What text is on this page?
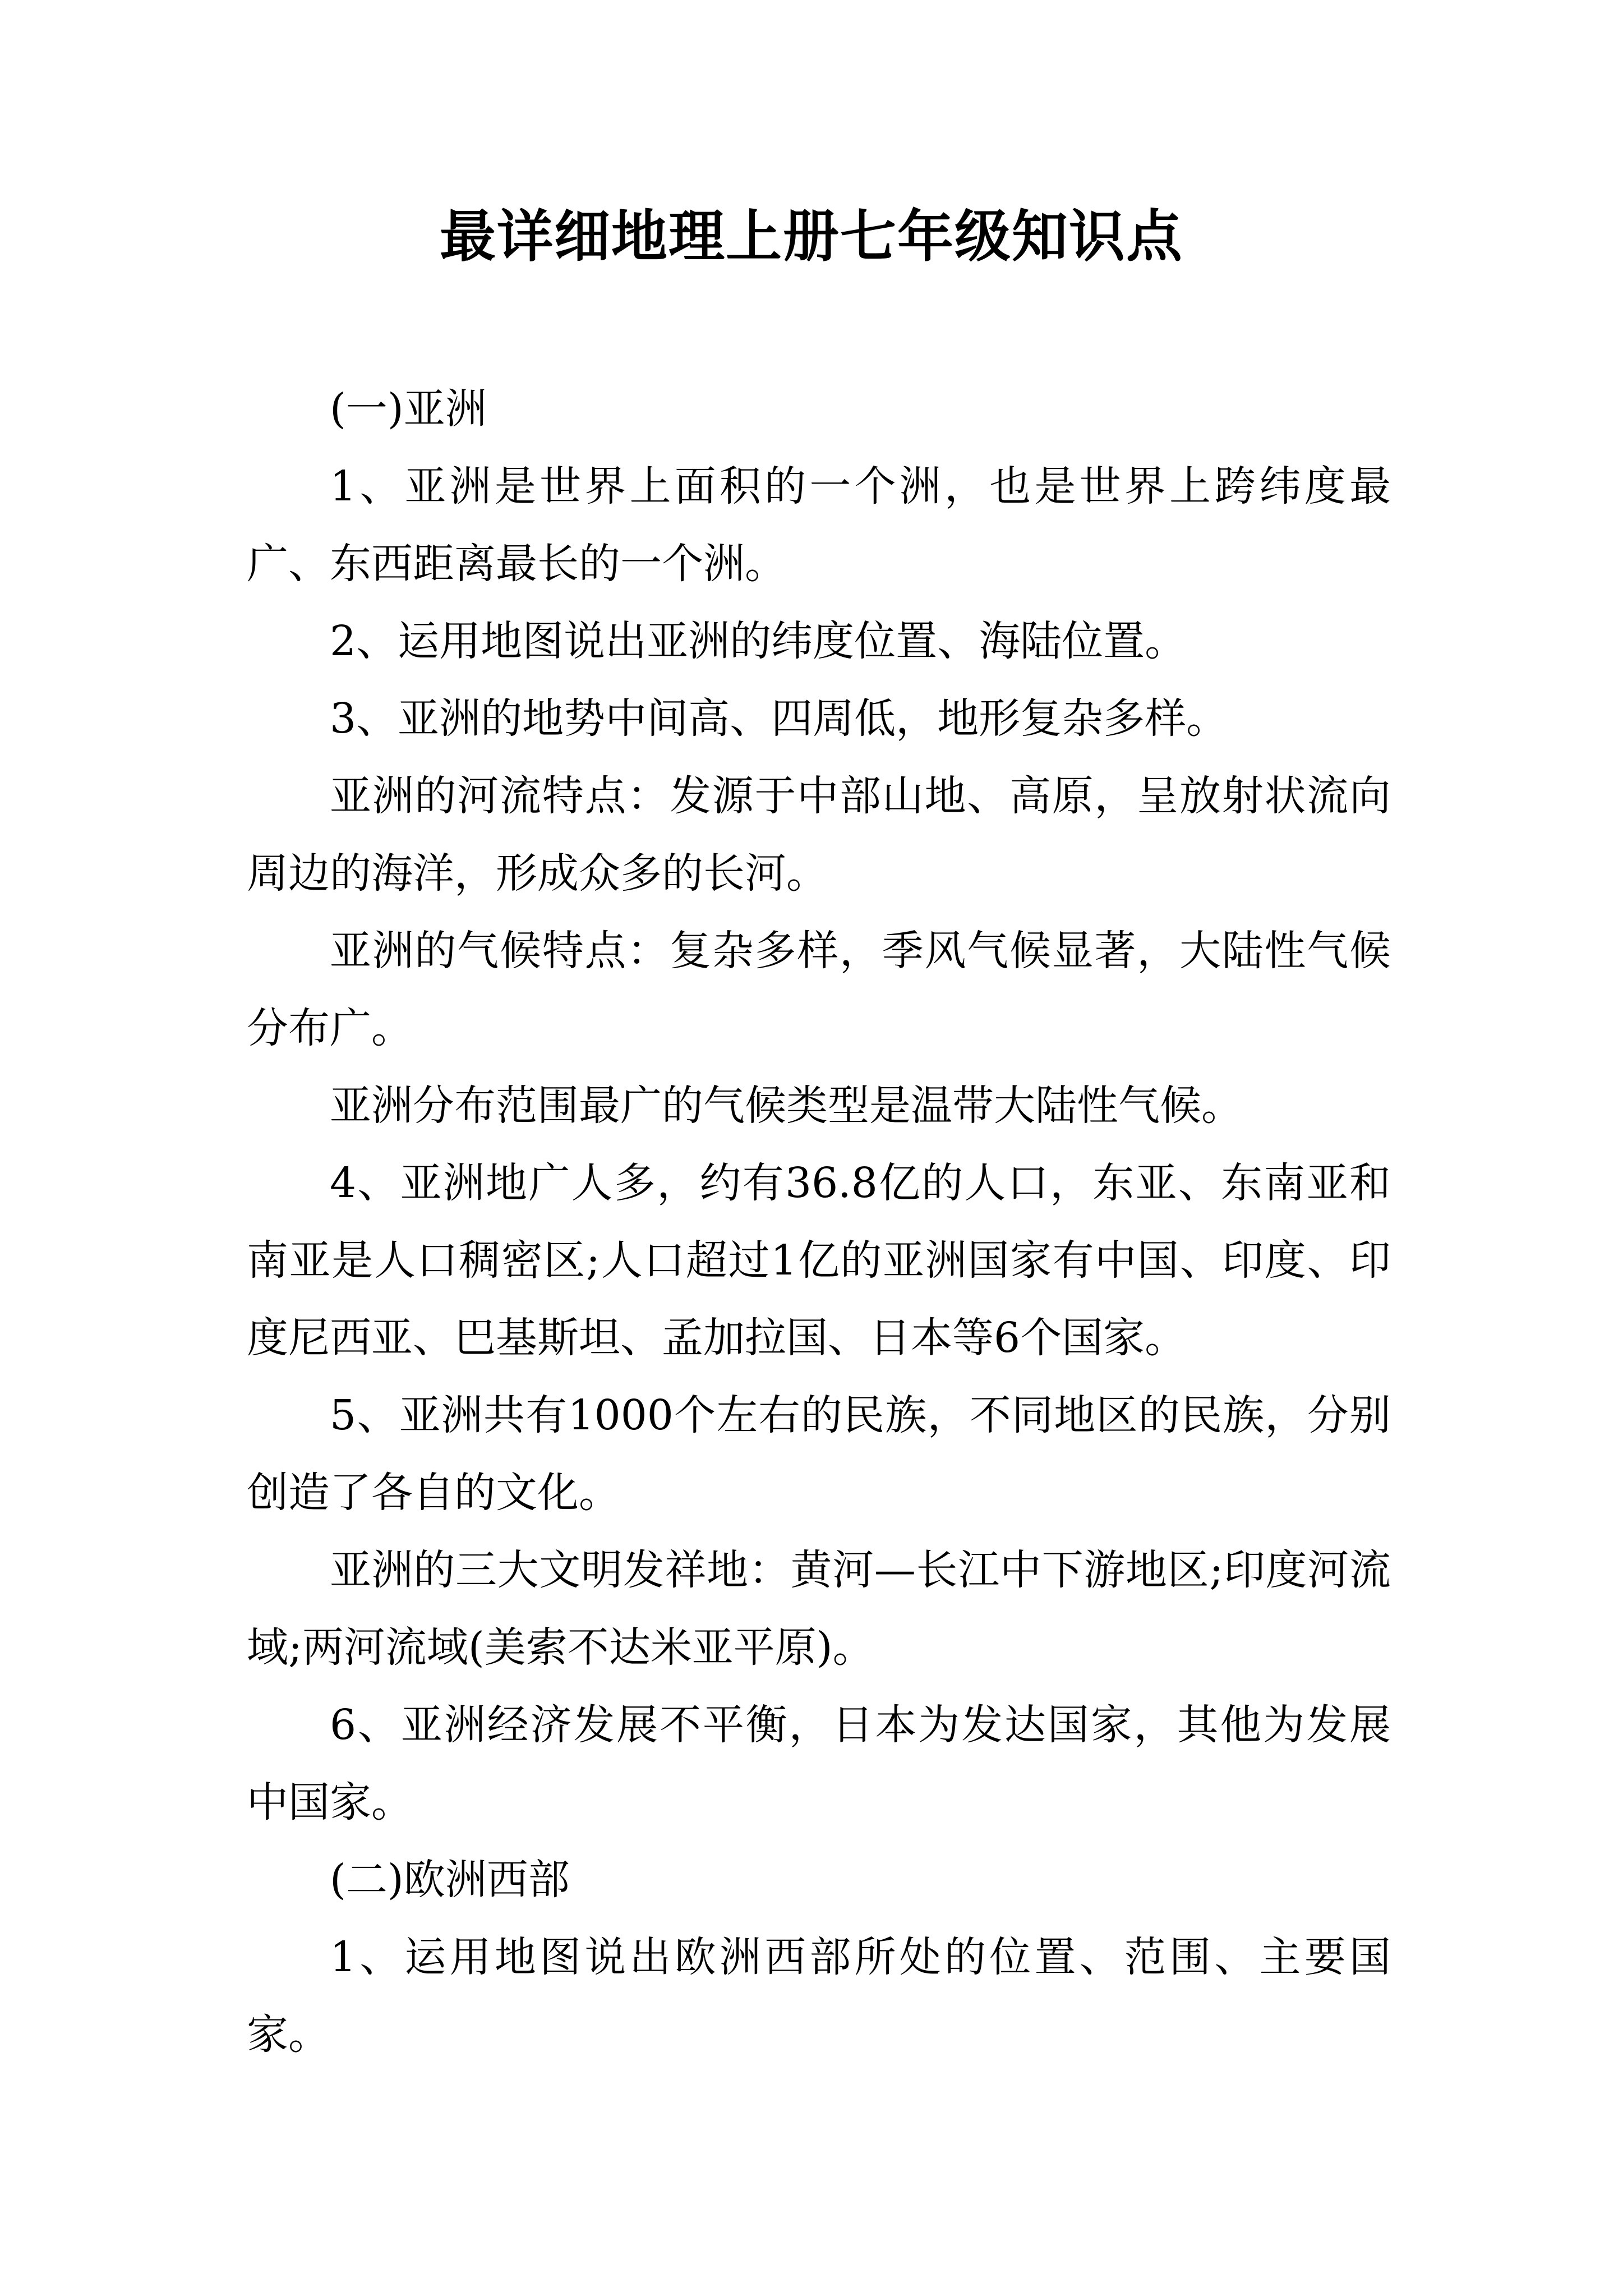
最详细地理上册七年级知识点

(一)亚洲

1、亚洲是世界上面积的一个洲，也是世界上跨纬度最广、东西距离最长的一个洲。

2、运用地图说出亚洲的纬度位置、海陆位置。

3、亚洲的地势中间高、四周低，地形复杂多样。

亚洲的河流特点：发源于中部山地、高原，呈放射状流向周边的海洋，形成众多的长河。

亚洲的气候特点：复杂多样，季风气候显著，大陆性气候分布广。

亚洲分布范围最广的气候类型是温带大陆性气候。

4、亚洲地广人多，约有36.8亿的人口，东亚、东南亚和南亚是人口稠密区;人口超过1亿的亚洲国家有中国、印度、印度尼西亚、巴基斯坦、孟加拉国、日本等6个国家。

5、亚洲共有1000个左右的民族，不同地区的民族，分别创造了各自的文化。

亚洲的三大文明发祥地：黄河—长江中下游地区;印度河流域;两河流域(美索不达米亚平原)。

6、亚洲经济发展不平衡，日本为发达国家，其他为发展中国家。

(二)欧洲西部

1、运用地图说出欧洲西部所处的位置、范围、主要国家。
